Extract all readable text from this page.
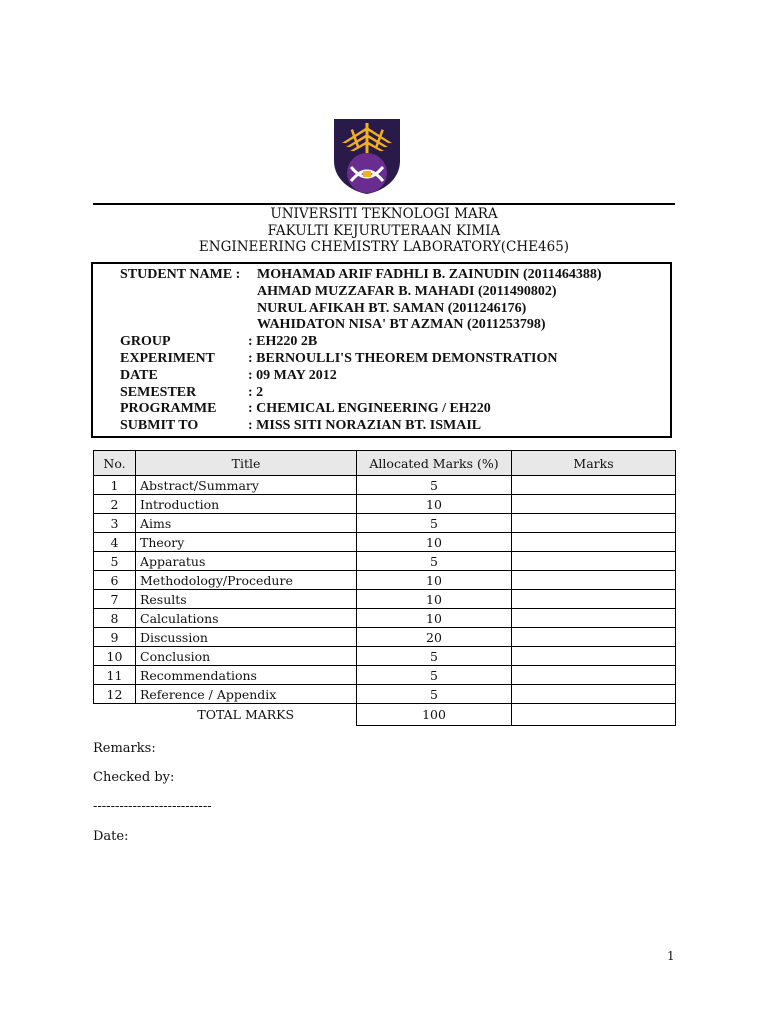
UNIVERSITI TEKNOLOGI MARA
FAKULTI KEJURUTERAAN KIMIA
ENGINEERING CHEMISTRY LABORATORY(CHE465)
STUDENT NAME :	MOHAMAD ARIF FADHLI B. ZAINUDIN (2011464388)
AHMAD MUZZAFAR B. MAHADI (2011490802)
NURUL AFIKAH BT. SAMAN (2011246176)
WAHIDATON NISA' BT AZMAN (2011253798)
GROUP	: EH220 2B
EXPERIMENT	: BERNOULLI'S THEOREM DEMONSTRATION
DATE	: 09 MAY 2012
SEMESTER	: 2
PROGRAMME	: CHEMICAL ENGINEERING / EH220
SUBMIT TO	: MISS SITI NORAZIAN BT. ISMAIL
No.	Title	Allocated Marks (%)	Marks
1	Abstract/Summary	5	
2	Introduction	10	
3	Aims	5	
4	Theory	10	
5	Apparatus	5	
6	Methodology/Procedure	10	
7	Results	10	
8	Calculations	10	
9	Discussion	20	
10	Conclusion	5	
11	Recommendations	5	
12	Reference / Appendix	5	
	TOTAL MARKS	100	
Remarks:
Checked by:
---------------------------
Date:
1
